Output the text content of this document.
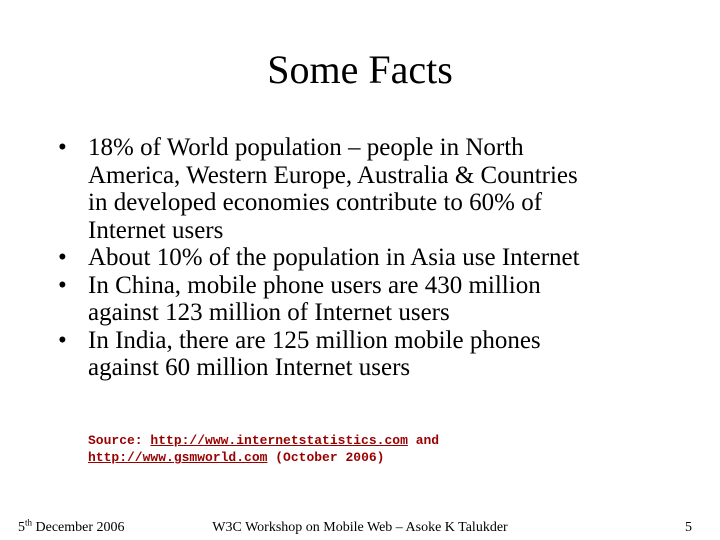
Some Facts
• 18% of World population – people in North
America, Western Europe, Australia & Countries
in developed economies contribute to 60% of
Internet users
• About 10% of the population in Asia use Internet
• In China, mobile phone users are 430 million
against 123 million of Internet users
• In India, there are 125 million mobile phones
against 60 million Internet users
Source: http://www.internetstatistics.com and
http://www.gsmworld.com (October 2006)
5th December 2006	W3C Workshop on Mobile Web – Asoke K Talukder	5
